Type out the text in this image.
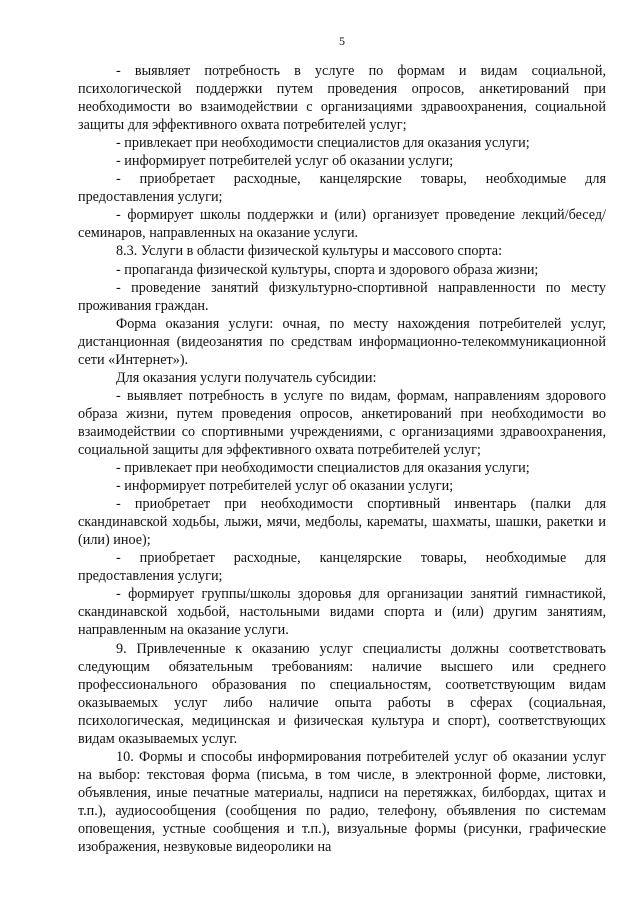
5

- выявляет потребность в услуге по формам и видам социальной, психологической поддержки путем проведения опросов, анкетирований при необходимости во взаимодействии с организациями здравоохранения, социальной защиты для эффективного охвата потребителей услуг;

- привлекает при необходимости специалистов для оказания услуги;

- информирует потребителей услуг об оказании услуги;

- приобретает расходные, канцелярские товары, необходимые для предоставления услуги;

- формирует школы поддержки и (или) организует проведение лекций/бесед/семинаров, направленных на оказание услуги.

8.3. Услуги в области физической культуры и массового спорта:

- пропаганда физической культуры, спорта и здорового образа жизни;

- проведение занятий физкультурно-спортивной направленности по месту проживания граждан.

Форма оказания услуги: очная, по месту нахождения потребителей услуг, дистанционная (видеозанятия по средствам информационно-телекоммуникационной сети «Интернет»).

Для оказания услуги получатель субсидии:

- выявляет потребность в услуге по видам, формам, направлениям здорового образа жизни, путем проведения опросов, анкетирований при необходимости во взаимодействии со спортивными учреждениями, с организациями здравоохранения, социальной защиты для эффективного охвата потребителей услуг;

- привлекает при необходимости специалистов для оказания услуги;

- информирует потребителей услуг об оказании услуги;

- приобретает при необходимости спортивный инвентарь (палки для скандинавской ходьбы, лыжи, мячи, медболы, карематы, шахматы, шашки, ракетки и (или) иное);

- приобретает расходные, канцелярские товары, необходимые для предоставления услуги;

- формирует группы/школы здоровья для организации занятий гимнастикой, скандинавской ходьбой, настольными видами спорта и (или) другим занятиям, направленным на оказание услуги.

9. Привлеченные к оказанию услуг специалисты должны соответствовать следующим обязательным требованиям: наличие высшего или среднего профессионального образования по специальностям, соответствующим видам оказываемых услуг либо наличие опыта работы в сферах (социальная, психологическая, медицинская и физическая культура и спорт), соответствующих видам оказываемых услуг.

10. Формы и способы информирования потребителей услуг об оказании услуг на выбор: текстовая форма (письма, в том числе, в электронной форме, листовки, объявления, иные печатные материалы, надписи на перетяжках, билбордах, щитах и т.п.), аудиосообщения (сообщения по радио, телефону, объявления по системам оповещения, устные сообщения и т.п.), визуальные формы (рисунки, графические изображения, незвуковые видеоролики на
